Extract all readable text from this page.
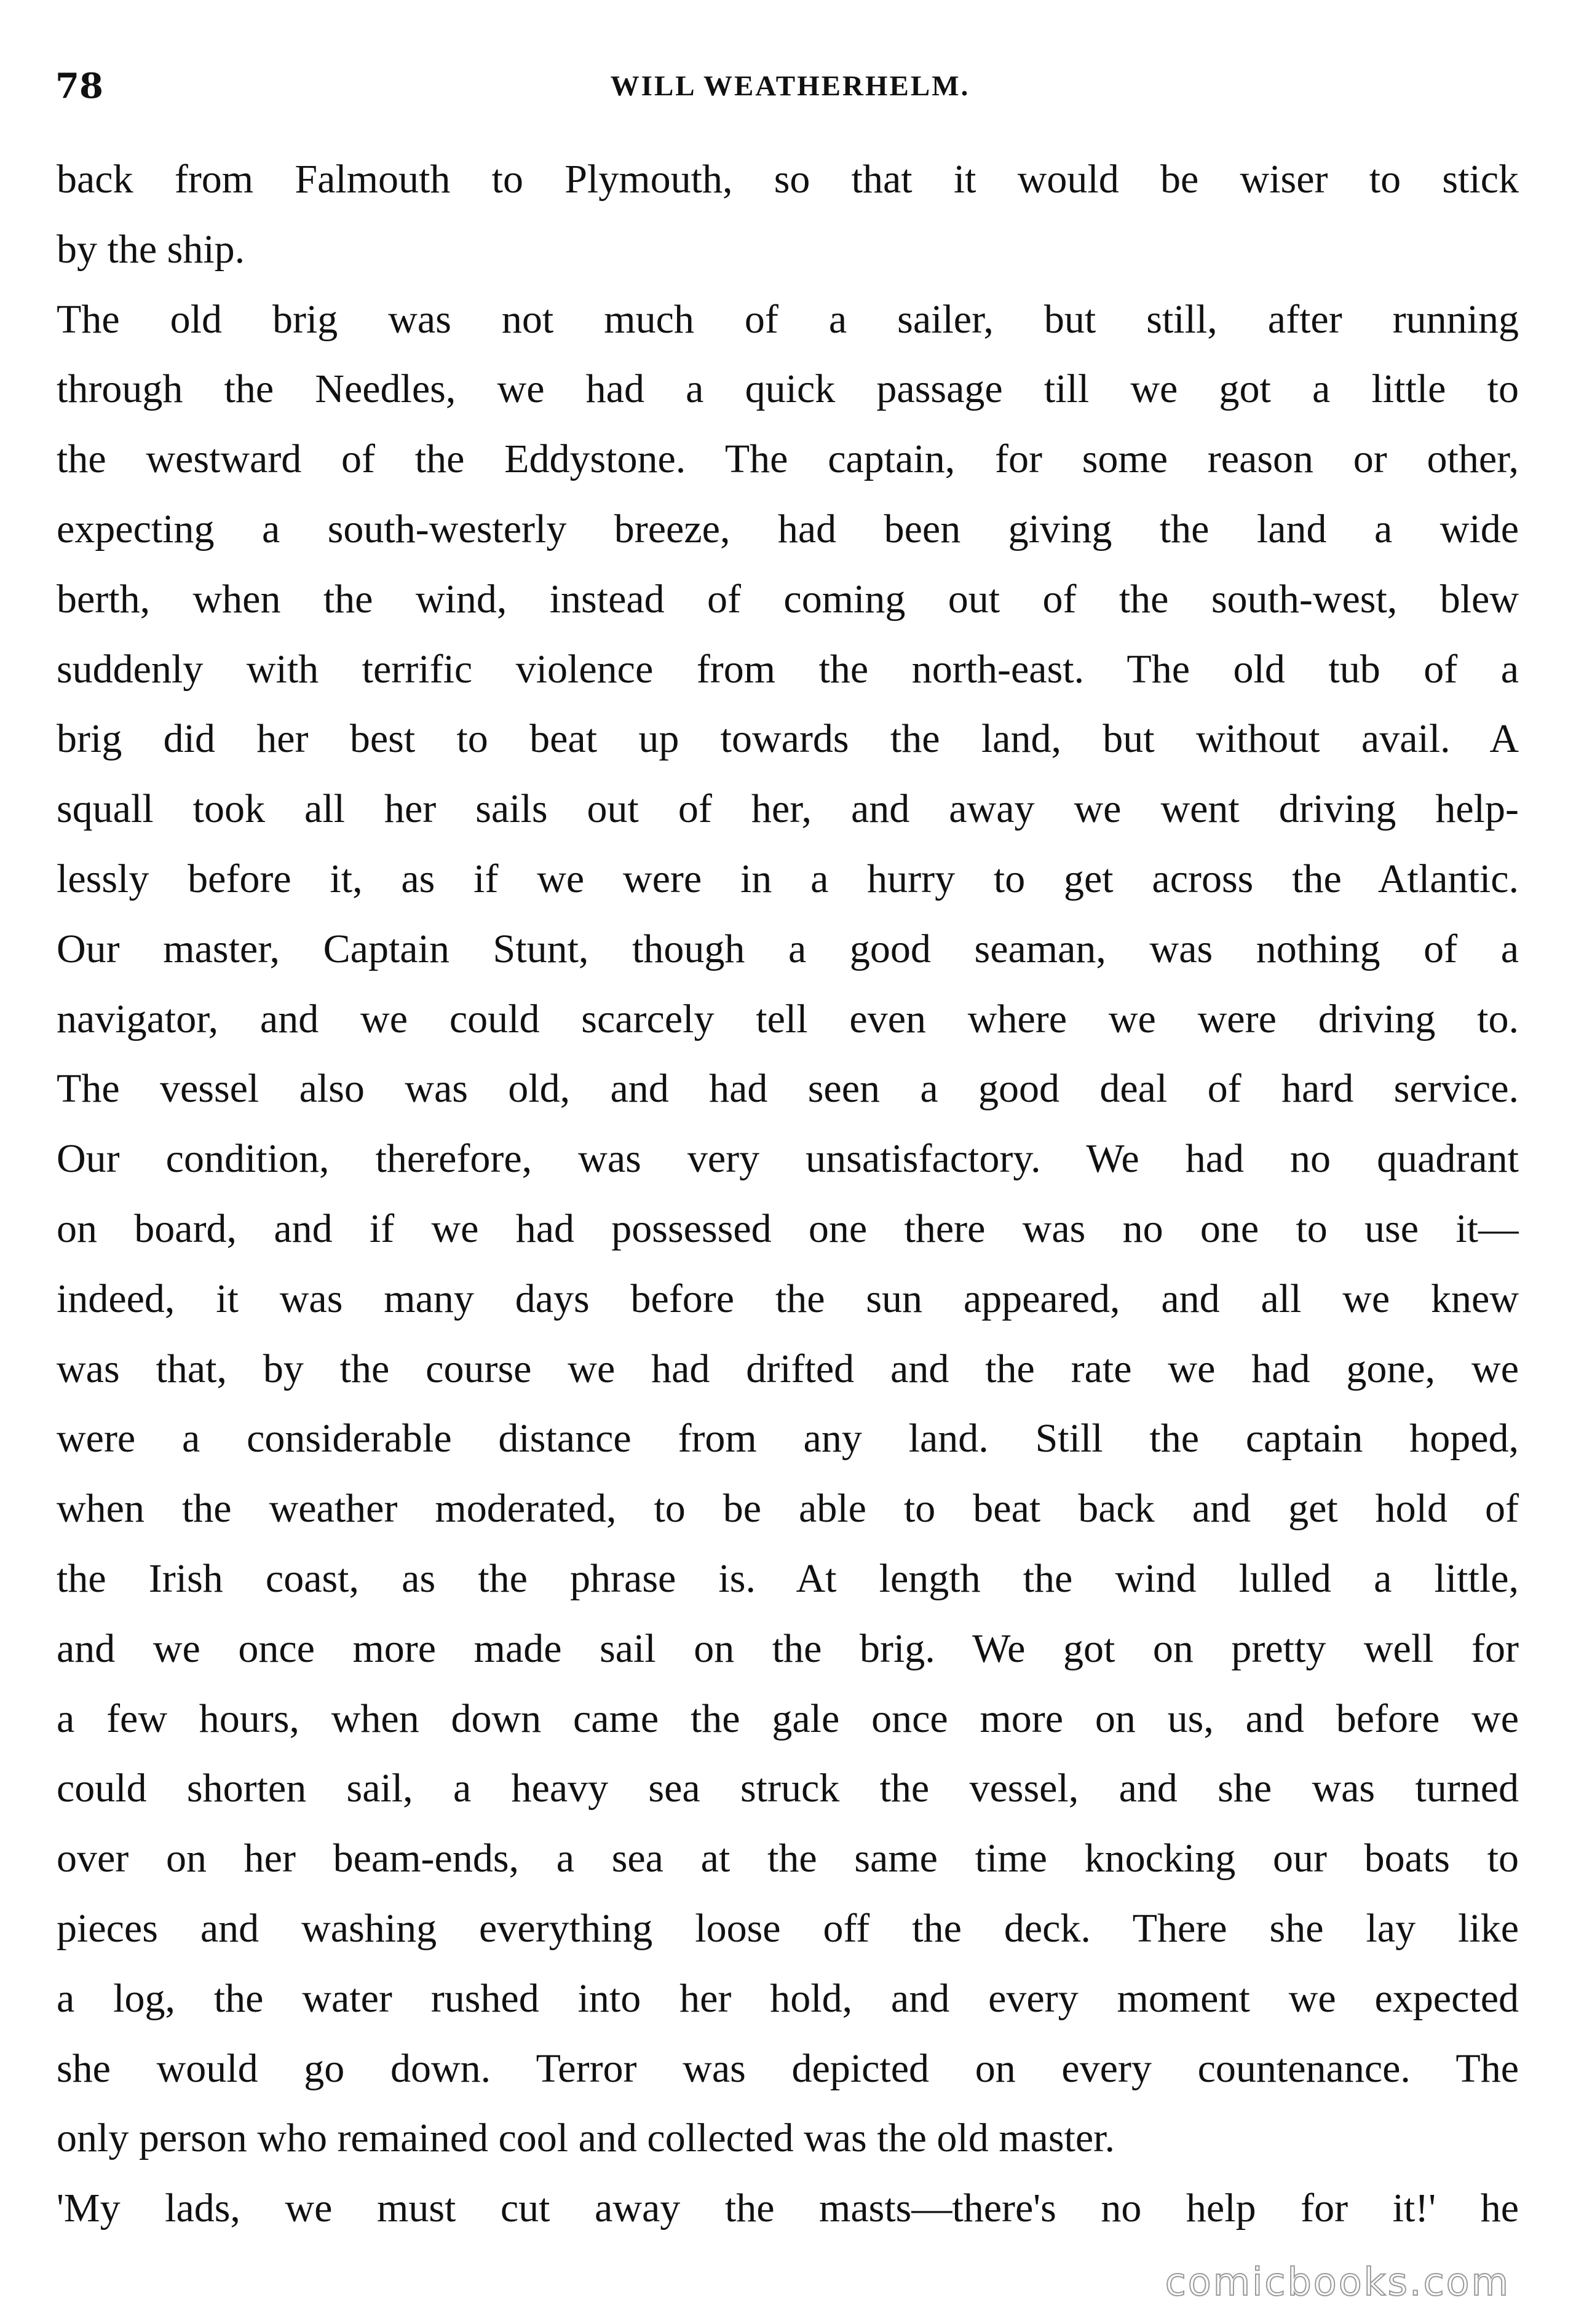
78	WILL WEATHERHELM.
back from Falmouth to Plymouth, so that it would be wiser to stick
by the ship.
The old brig was not much of a sailer, but still, after running
through the Needles, we had a quick passage till we got a little to
the westward of the Eddystone. The captain, for some reason or other,
expecting a south-westerly breeze, had been giving the land a wide
berth, when the wind, instead of coming out of the south-west, blew
suddenly with terrific violence from the north-east. The old tub of a
brig did her best to beat up towards the land, but without avail. A
squall took all her sails out of her, and away we went driving help-
lessly before it, as if we were in a hurry to get across the Atlantic.
Our master, Captain Stunt, though a good seaman, was nothing of a
navigator, and we could scarcely tell even where we were driving to.
The vessel also was old, and had seen a good deal of hard service.
Our condition, therefore, was very unsatisfactory. We had no quadrant
on board, and if we had possessed one there was no one to use it—
indeed, it was many days before the sun appeared, and all we knew
was that, by the course we had drifted and the rate we had gone, we
were a considerable distance from any land. Still the captain hoped,
when the weather moderated, to be able to beat back and get hold of
the Irish coast, as the phrase is. At length the wind lulled a little,
and we once more made sail on the brig. We got on pretty well for
a few hours, when down came the gale once more on us, and before we
could shorten sail, a heavy sea struck the vessel, and she was turned
over on her beam-ends, a sea at the same time knocking our boats to
pieces and washing everything loose off the deck. There she lay like
a log, the water rushed into her hold, and every moment we expected
she would go down. Terror was depicted on every countenance. The
only person who remained cool and collected was the old master.
'My lads, we must cut away the masts—there's no help for it!' he
comicbooks.com
